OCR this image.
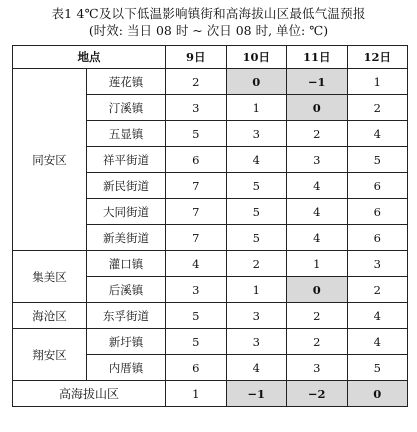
表1 4℃及以下低温影响镇街和高海拔山区最低气温预报
(时效: 当日 08 时 ~ 次日 08 时, 单位: ℃)
地点		9日	10日	11日	12日
同安区	莲花镇	2	0	−1	1
	汀溪镇	3	1	0	2
	五显镇	5	3	2	4
	祥平街道	6	4	3	5
	新民街道	7	5	4	6
	大同街道	7	5	4	6
	新美街道	7	5	4	6
集美区	灌口镇	4	2	1	3
	后溪镇	3	1	0	2
海沧区	东孚街道	5	3	2	4
翔安区	新圩镇	5	3	2	4
	内厝镇	6	4	3	5
高海拔山区		1	−1	−2	0
